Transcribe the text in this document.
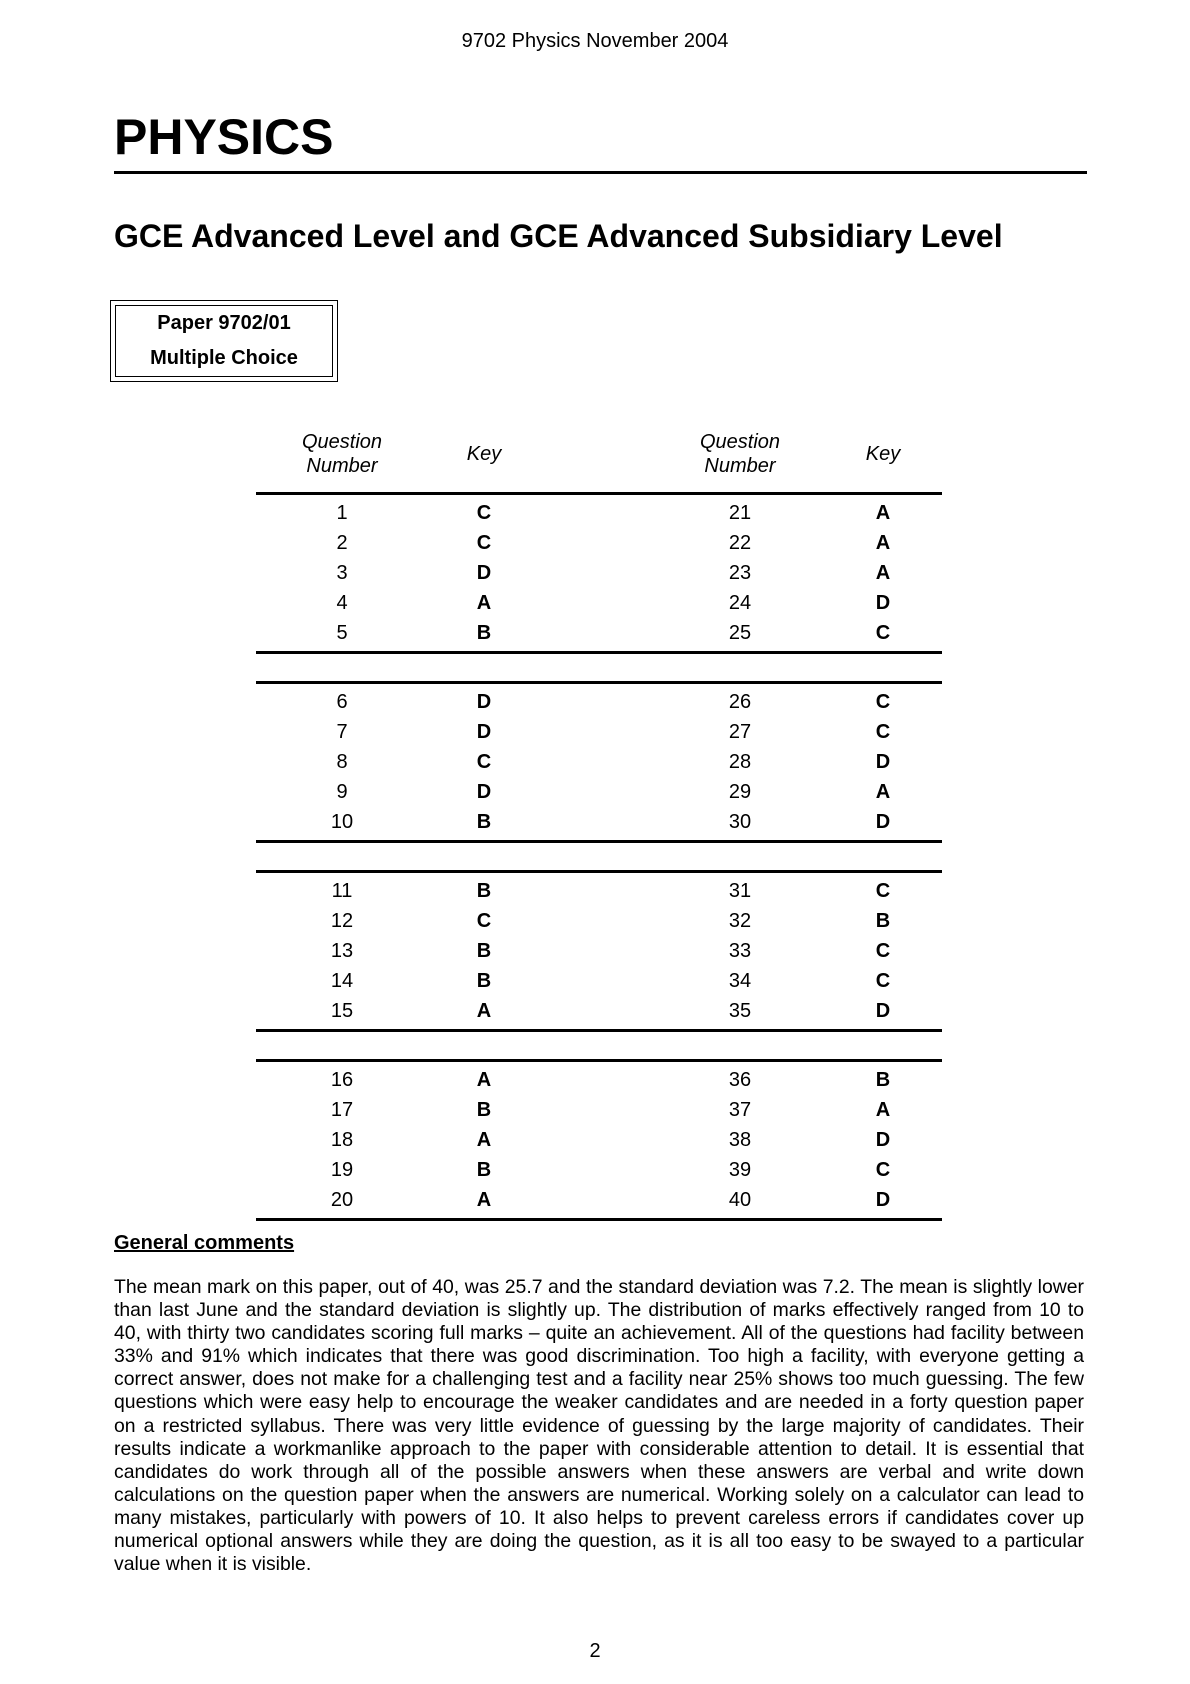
9702 Physics November 2004
PHYSICS
GCE Advanced Level and GCE Advanced Subsidiary Level
Paper 9702/01
Multiple Choice
Question
Number
Key
Question
Number
Key
1	C	21	A
2	C	22	A
3	D	23	A
4	A	24	D
5	B	25	C
6	D	26	C
7	D	27	C
8	C	28	D
9	D	29	A
10	B	30	D
11	B	31	C
12	C	32	B
13	B	33	C
14	B	34	C
15	A	35	D
16	A	36	B
17	B	37	A
18	A	38	D
19	B	39	C
20	A	40	D
General comments

The mean mark on this paper, out of 40, was 25.7 and the standard deviation was 7.2. The mean is slightly lower than last June and the standard deviation is slightly up. The distribution of marks effectively ranged from 10 to 40, with thirty two candidates scoring full marks – quite an achievement. All of the questions had facility between 33% and 91% which indicates that there was good discrimination. Too high a facility, with everyone getting a correct answer, does not make for a challenging test and a facility near 25% shows too much guessing. The few questions which were easy help to encourage the weaker candidates and are needed in a forty question paper on a restricted syllabus. There was very little evidence of guessing by the large majority of candidates. Their results indicate a workmanlike approach to the paper with considerable attention to detail. It is essential that candidates do work through all of the possible answers when these answers are verbal and write down calculations on the question paper when the answers are numerical. Working solely on a calculator can lead to many mistakes, particularly with powers of 10. It also helps to prevent careless errors if candidates cover up numerical optional answers while they are doing the question, as it is all too easy to be swayed to a particular value when it is visible.

2
